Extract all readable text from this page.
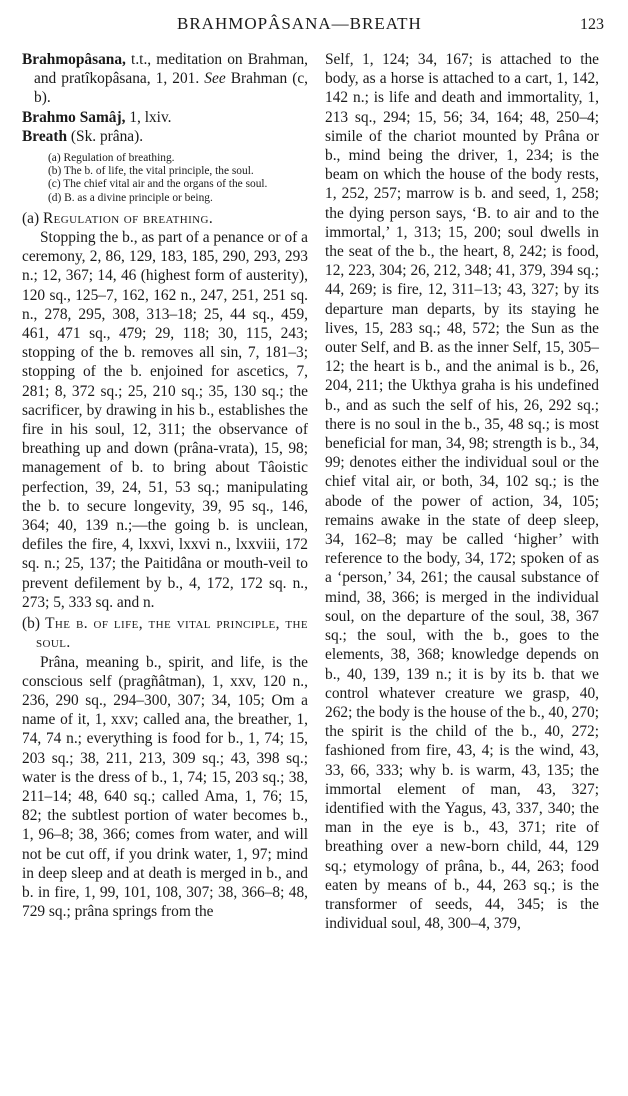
BRAHMOPÂSANA—BREATH	123

Brahmopâsana, t.t., meditation on Brahman, and pratîkopâsana, 1, 201. See Brahman (c, b).

Brahmo Samâj, 1, lxiv.

Breath (Sk. prâna).

(a) Regulation of breathing.
(b) The b. of life, the vital principle, the soul.
(c) The chief vital air and the organs of the soul.
(d) B. as a divine principle or being.

(a) Regulation of breathing.

Stopping the b., as part of a penance or of a ceremony, 2, 86, 129, 183, 185, 290, 293, 293 n.; 12, 367; 14, 46 (highest form of austerity), 120 sq., 125–7, 162, 162 n., 247, 251, 251 sq. n., 278, 295, 308, 313–18; 25, 44 sq., 459, 461, 471 sq., 479; 29, 118; 30, 115, 243; stopping of the b. removes all sin, 7, 181–3; stopping of the b. enjoined for ascetics, 7, 281; 8, 372 sq.; 25, 210 sq.; 35, 130 sq.; the sacrificer, by drawing in his b., establishes the fire in his soul, 12, 311; the observance of breathing up and down (prâna-vrata), 15, 98; management of b. to bring about Tâoistic perfection, 39, 24, 51, 53 sq.; manipulating the b. to secure longevity, 39, 95 sq., 146, 364; 40, 139 n.;—the going b. is unclean, defiles the fire, 4, lxxvi, lxxvi n., lxxviii, 172 sq. n.; 25, 137; the Paitidâna or mouth-veil to prevent defilement by b., 4, 172, 172 sq. n., 273; 5, 333 sq. and n.

(b) The b. of life, the vital principle, the soul.

Prâna, meaning b., spirit, and life, is the conscious self (pragñâtman), 1, xxv, 120 n., 236, 290 sq., 294–300, 307; 34, 105; Om a name of it, 1, xxv; called ana, the breather, 1, 74, 74 n.; everything is food for b., 1, 74; 15, 203 sq.; 38, 211, 213, 309 sq.; 43, 398 sq.; water is the dress of b., 1, 74; 15, 203 sq.; 38, 211–14; 48, 640 sq.; called Ama, 1, 76; 15, 82; the subtlest portion of water becomes b., 1, 96–8; 38, 366; comes from water, and will not be cut off, if you drink water, 1, 97; mind in deep sleep and at death is merged in b., and b. in fire, 1, 99, 101, 108, 307; 38, 366–8; 48, 729 sq.; prâna springs from the

Self, 1, 124; 34, 167; is attached to the body, as a horse is attached to a cart, 1, 142, 142 n.; is life and death and immortality, 1, 213 sq., 294; 15, 56; 34, 164; 48, 250–4; simile of the chariot mounted by Prâna or b., mind being the driver, 1, 234; is the beam on which the house of the body rests, 1, 252, 257; marrow is b. and seed, 1, 258; the dying person says, ‘B. to air and to the immortal,’ 1, 313; 15, 200; soul dwells in the seat of the b., the heart, 8, 242; is food, 12, 223, 304; 26, 212, 348; 41, 379, 394 sq.; 44, 269; is fire, 12, 311–13; 43, 327; by its departure man departs, by its staying he lives, 15, 283 sq.; 48, 572; the Sun as the outer Self, and B. as the inner Self, 15, 305–12; the heart is b., and the animal is b., 26, 204, 211; the Ukthya graha is his undefined b., and as such the self of his, 26, 292 sq.; there is no soul in the b., 35, 48 sq.; is most beneficial for man, 34, 98; strength is b., 34, 99; denotes either the individual soul or the chief vital air, or both, 34, 102 sq.; is the abode of the power of action, 34, 105; remains awake in the state of deep sleep, 34, 162–8; may be called ‘higher’ with reference to the body, 34, 172; spoken of as a ‘person,’ 34, 261; the causal substance of mind, 38, 366; is merged in the individual soul, on the departure of the soul, 38, 367 sq.; the soul, with the b., goes to the elements, 38, 368; knowledge depends on b., 40, 139, 139 n.; it is by its b. that we control whatever creature we grasp, 40, 262; the body is the house of the b., 40, 270; the spirit is the child of the b., 40, 272; fashioned from fire, 43, 4; is the wind, 43, 33, 66, 333; why b. is warm, 43, 135; the immortal element of man, 43, 327; identified with the Yagus, 43, 337, 340; the man in the eye is b., 43, 371; rite of breathing over a new-born child, 44, 129 sq.; etymology of prâna, b., 44, 263; food eaten by means of b., 44, 263 sq.; is the transformer of seeds, 44, 345; is the individual soul, 48, 300–4, 379,
